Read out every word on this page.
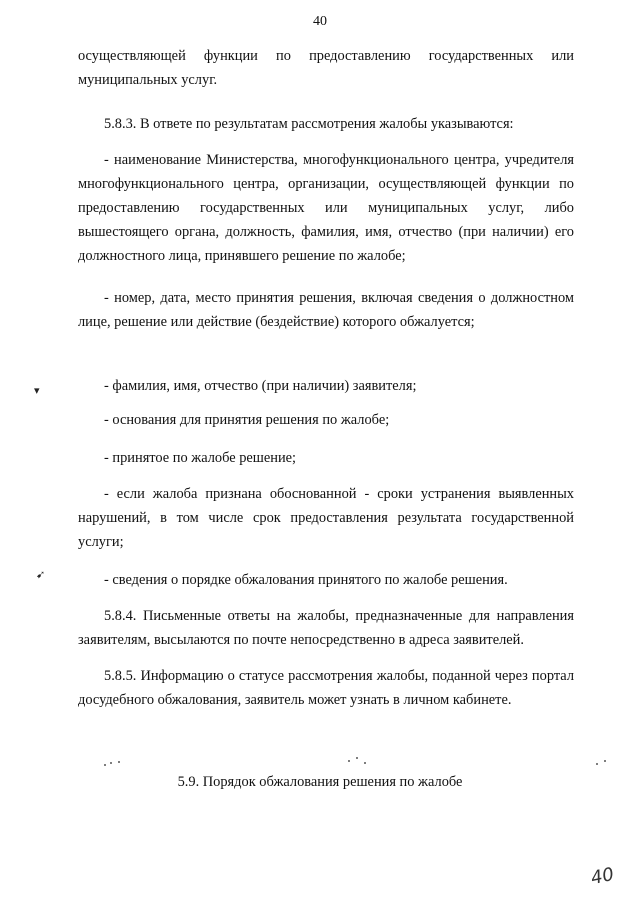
40
осуществляющей функции по предоставлению государственных или муниципальных услуг.
5.8.3. В ответе по результатам рассмотрения жалобы указываются:
- наименование Министерства, многофункционального центра, учредителя многофункционального центра, организации, осуществляющей функции по предоставлению государственных или муниципальных услуг, либо вышестоящего органа, должность, фамилия, имя, отчество (при наличии) его должностного лица, принявшего решение по жалобе;
- номер, дата, место принятия решения, включая сведения о должностном лице, решение или действие (бездействие) которого обжалуется;
- фамилия, имя, отчество (при наличии) заявителя;
- основания для принятия решения по жалобе;
- принятое по жалобе решение;
- если жалоба признана обоснованной - сроки устранения выявленных нарушений, в том числе срок предоставления результата государственной услуги;
- сведения о порядке обжалования принятого по жалобе решения.
5.8.4. Письменные ответы на жалобы, предназначенные для направления заявителям, высылаются по почте непосредственно в адреса заявителей.
5.8.5. Информацию о статусе рассмотрения жалобы, поданной через портал досудебного обжалования, заявитель может узнать в личном кабинете.
5.9. Порядок обжалования решения по жалобе
▾
➹
40
